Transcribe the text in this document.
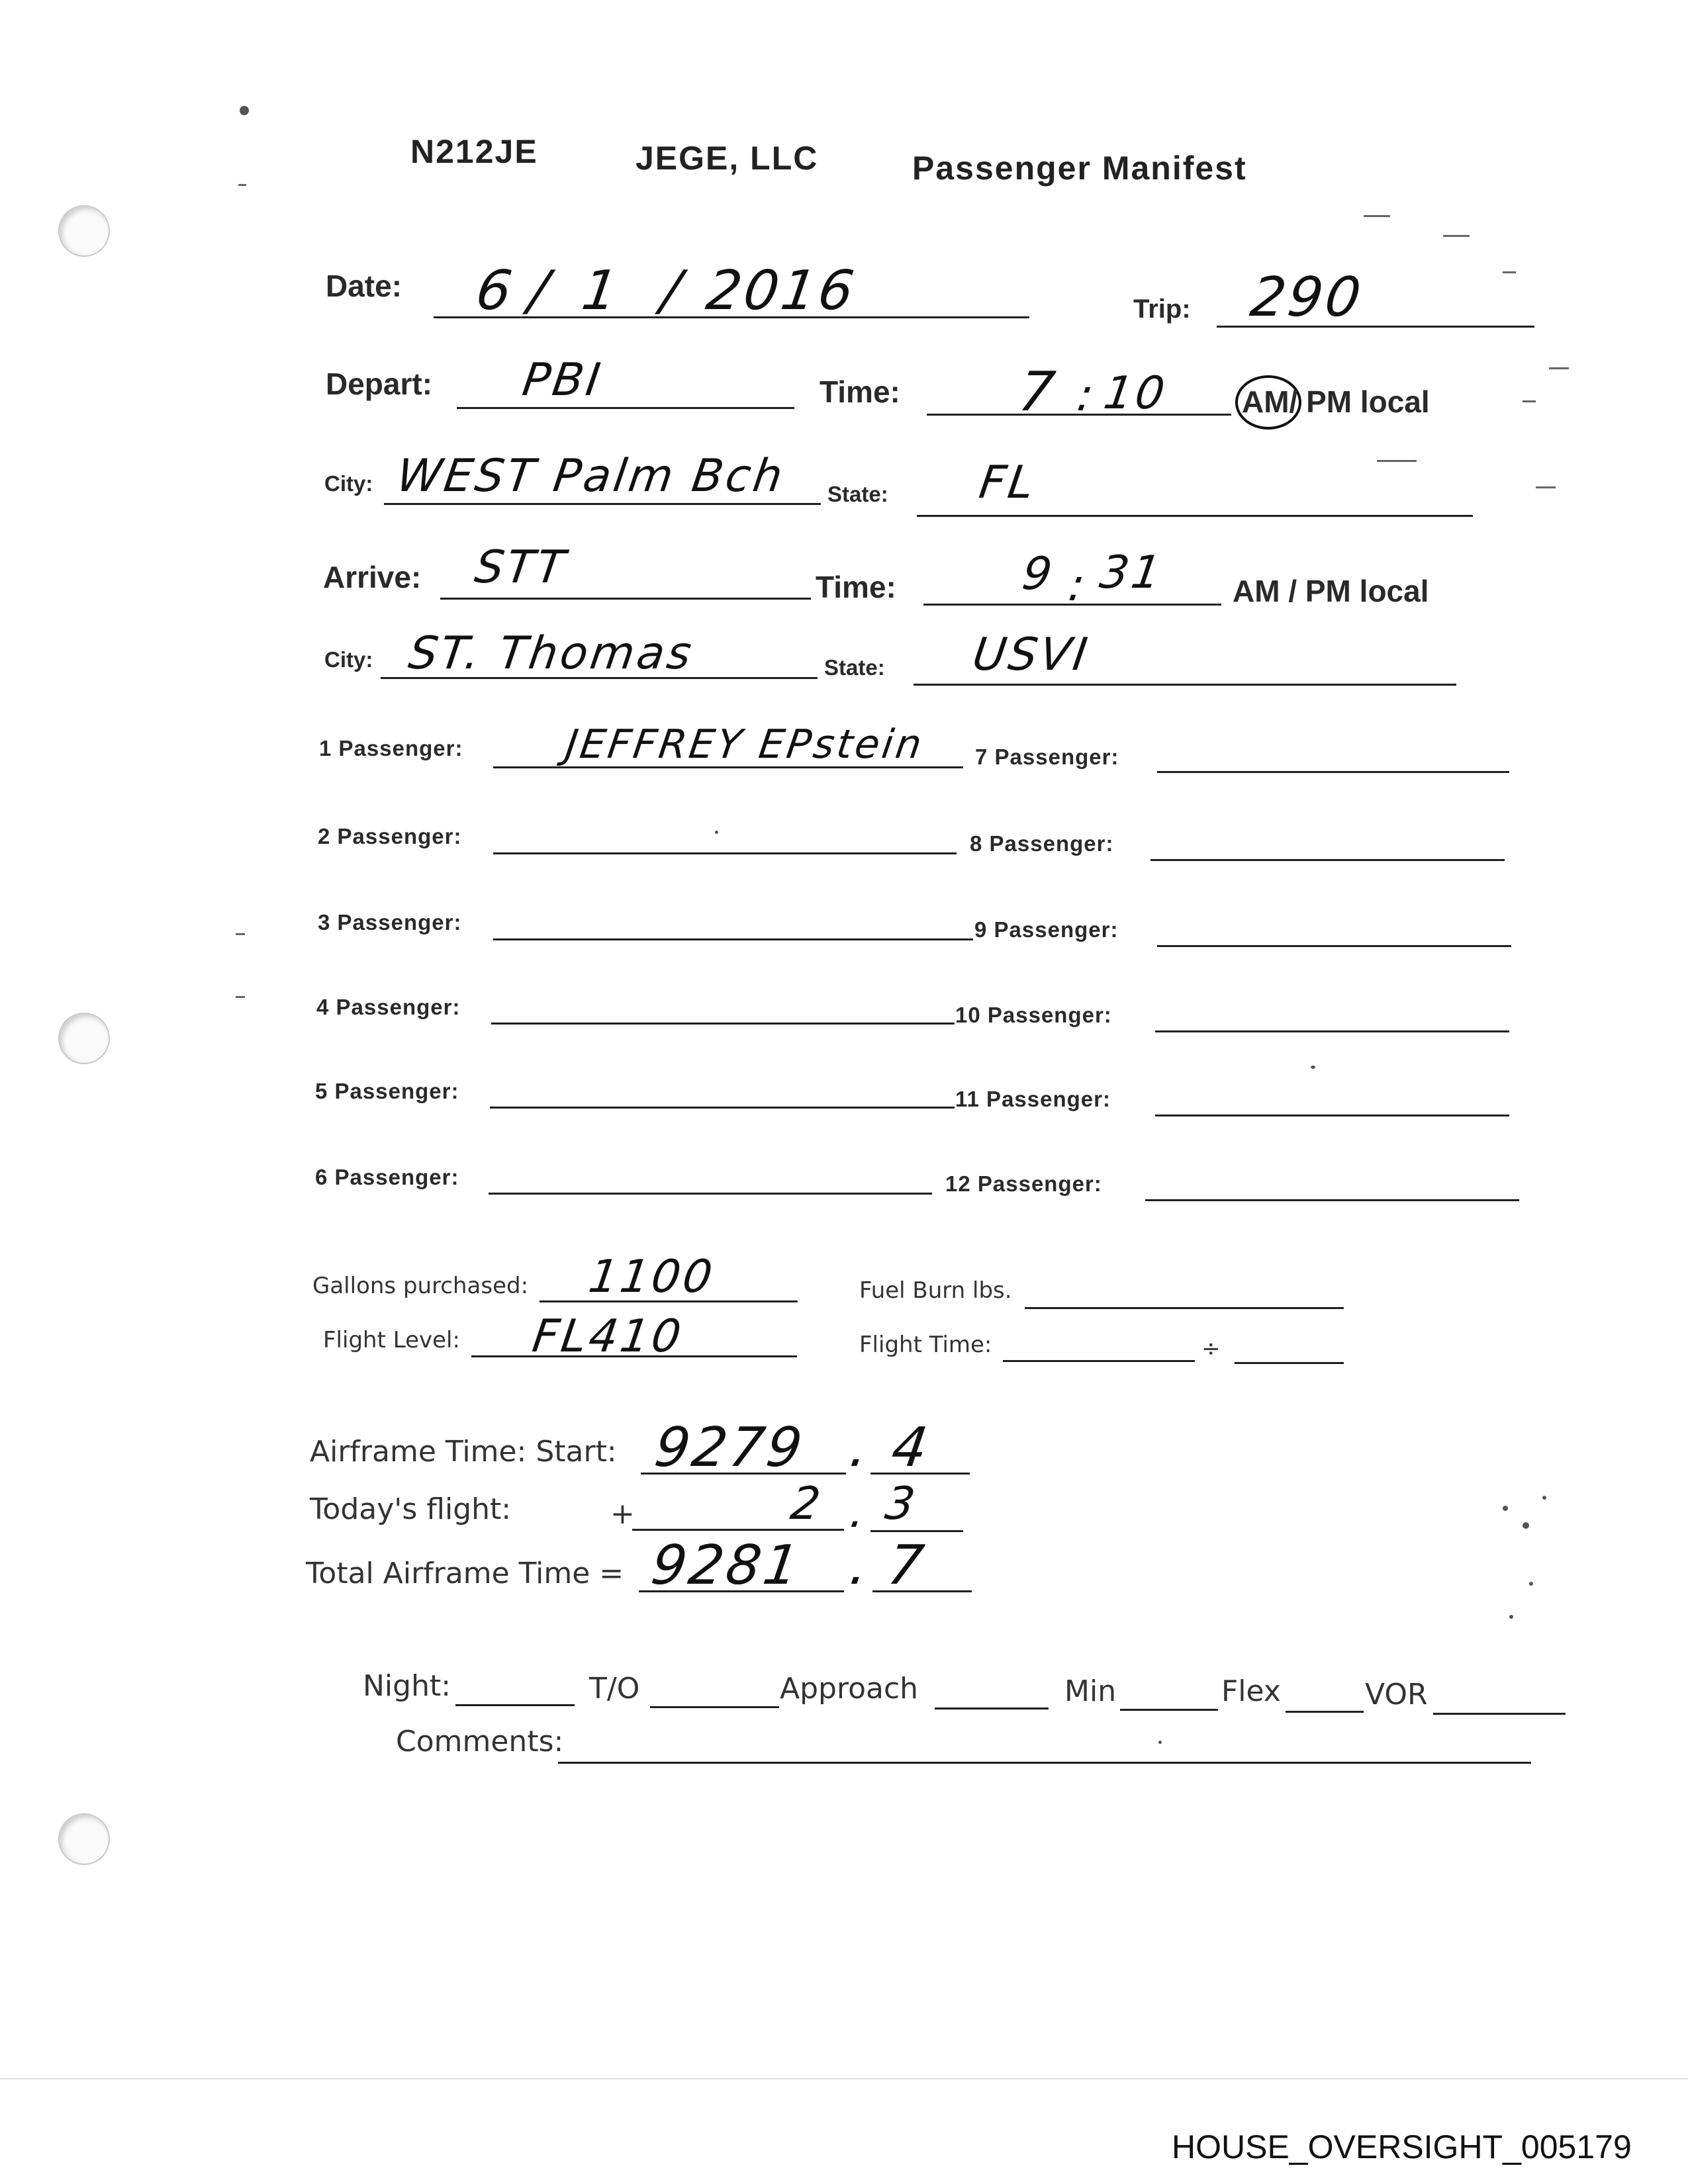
N212JE	JEGE, LLC	Passenger Manifest
Date: 6 / 1 / 2016	Trip: 290
Depart: PBI	Time: 7 : 10 AM/ PM local
City: WEST Palm Bch State: FL
Arrive: STT	Time:	9 : 31 AM / PM local
City: ST. Thomas	State: USVI
1 Passenger:	JEFFREY EPstein
2 Passenger:
3 Passenger:
4 Passenger:
5 Passenger:
6 Passenger:
7 Passenger:
8 Passenger:
9 Passenger:
10 Passenger:
11 Passenger:
12 Passenger:
Gallons purchased: 1100	Fuel Burn lbs.
Flight Level: FL410	Flight Time:	÷
Airframe Time: Start: 9279 . 4
Today's flight:	+	2 . 3
Total Airframe Time = 9281 . 7
Night:	T/O	Approach	Min	Flex	VOR
Comments:
HOUSE_OVERSIGHT_005179
